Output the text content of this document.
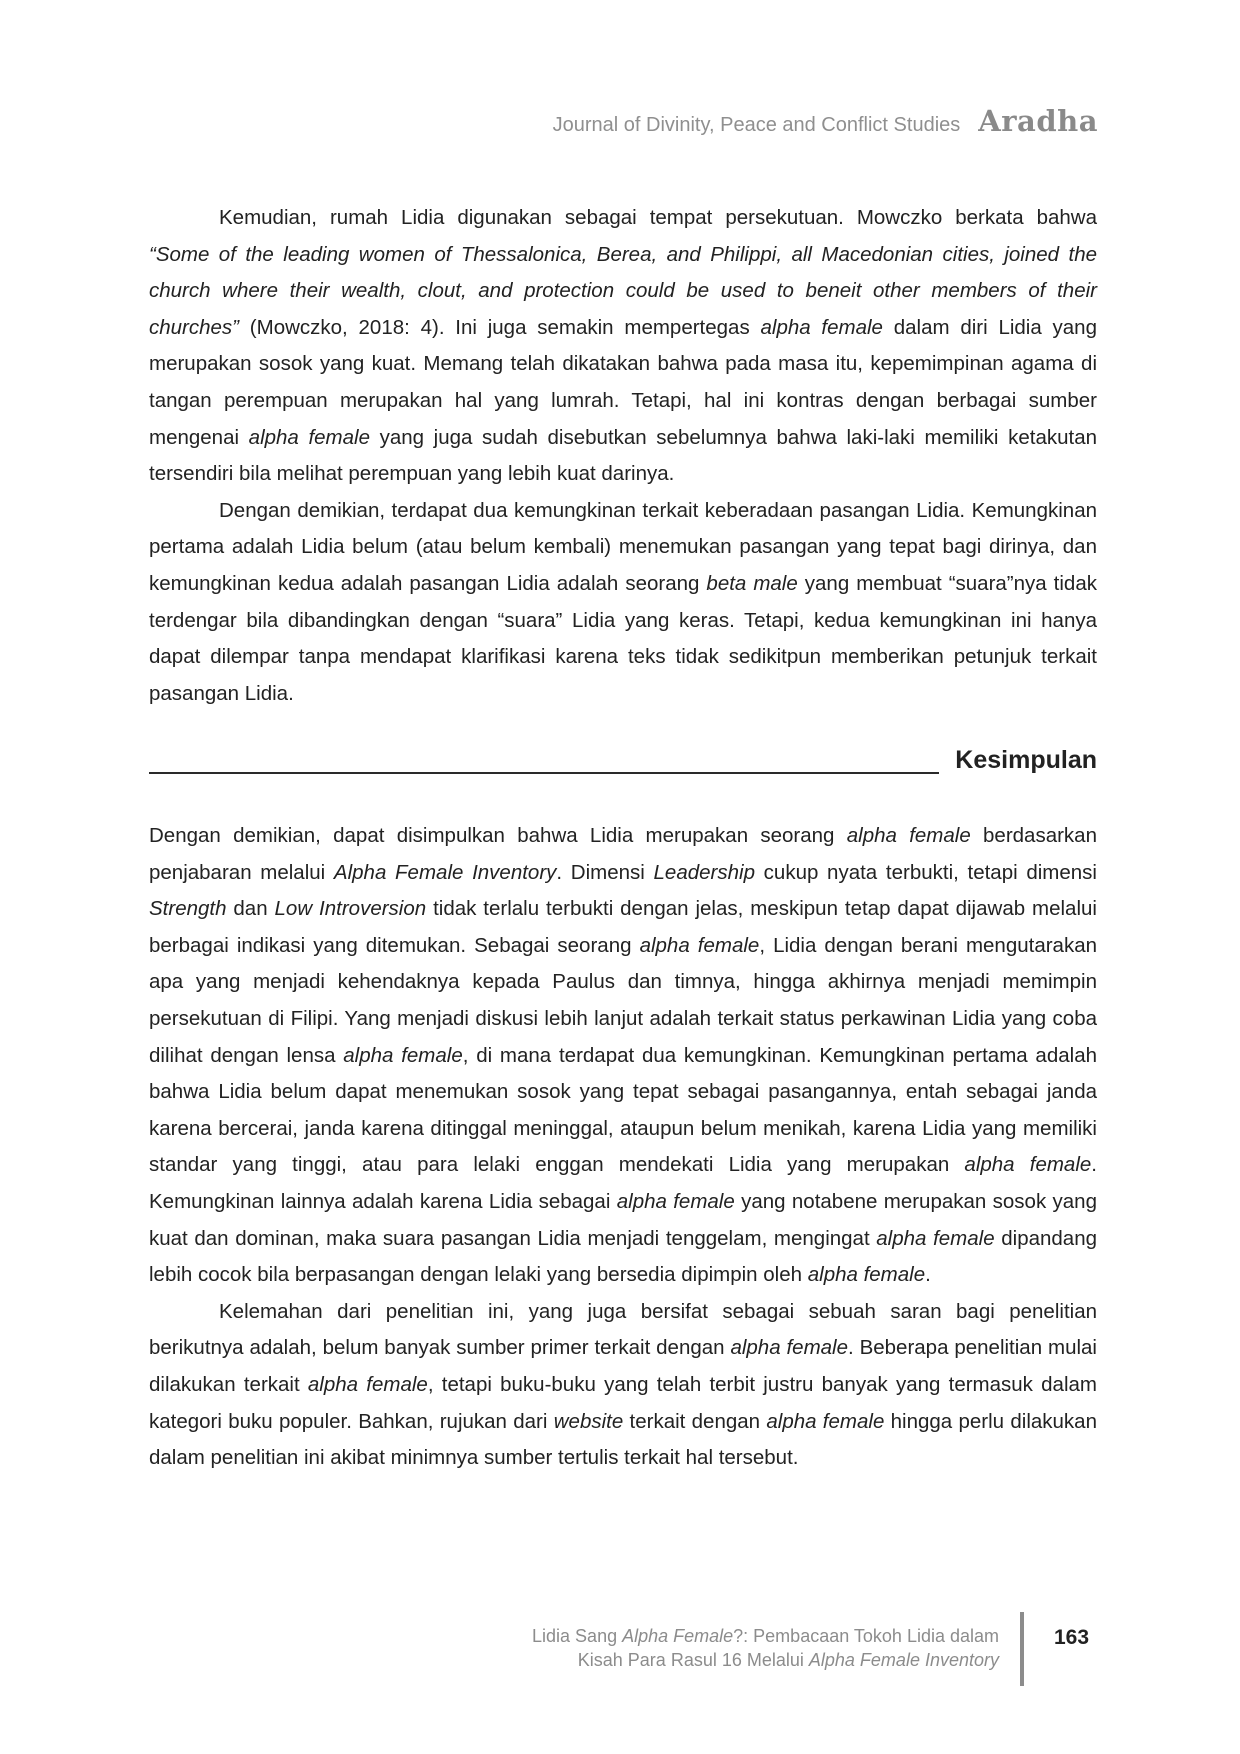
Journal of Divinity, Peace and Conflict Studies Aradha

Kemudian, rumah Lidia digunakan sebagai tempat persekutuan. Mowczko berkata bahwa “Some of the leading women of Thessalonica, Berea, and Philippi, all Macedonian cities, joined the church where their wealth, clout, and protection could be used to beneit other members of their churches” (Mowczko, 2018: 4). Ini juga semakin mempertegas alpha female dalam diri Lidia yang merupakan sosok yang kuat. Memang telah dikatakan bahwa pada masa itu, kepemimpinan agama di tangan perempuan merupakan hal yang lumrah. Tetapi, hal ini kontras dengan berbagai sumber mengenai alpha female yang juga sudah disebutkan sebelumnya bahwa laki-laki memiliki ketakutan tersendiri bila melihat perempuan yang lebih kuat darinya.

Dengan demikian, terdapat dua kemungkinan terkait keberadaan pasangan Lidia. Kemungkinan pertama adalah Lidia belum (atau belum kembali) menemukan pasangan yang tepat bagi dirinya, dan kemungkinan kedua adalah pasangan Lidia adalah seorang beta male yang membuat “suara”nya tidak terdengar bila dibandingkan dengan “suara” Lidia yang keras. Tetapi, kedua kemungkinan ini hanya dapat dilempar tanpa mendapat klarifikasi karena teks tidak sedikitpun memberikan petunjuk terkait pasangan Lidia.

Kesimpulan

Dengan demikian, dapat disimpulkan bahwa Lidia merupakan seorang alpha female berdasarkan penjabaran melalui Alpha Female Inventory. Dimensi Leadership cukup nyata terbukti, tetapi dimensi Strength dan Low Introversion tidak terlalu terbukti dengan jelas, meskipun tetap dapat dijawab melalui berbagai indikasi yang ditemukan. Sebagai seorang alpha female, Lidia dengan berani mengutarakan apa yang menjadi kehendaknya kepada Paulus dan timnya, hingga akhirnya menjadi memimpin persekutuan di Filipi. Yang menjadi diskusi lebih lanjut adalah terkait status perkawinan Lidia yang coba dilihat dengan lensa alpha female, di mana terdapat dua kemungkinan. Kemungkinan pertama adalah bahwa Lidia belum dapat menemukan sosok yang tepat sebagai pasangannya, entah sebagai janda karena bercerai, janda karena ditinggal meninggal, ataupun belum menikah, karena Lidia yang memiliki standar yang tinggi, atau para lelaki enggan mendekati Lidia yang merupakan alpha female. Kemungkinan lainnya adalah karena Lidia sebagai alpha female yang notabene merupakan sosok yang kuat dan dominan, maka suara pasangan Lidia menjadi tenggelam, mengingat alpha female dipandang lebih cocok bila berpasangan dengan lelaki yang bersedia dipimpin oleh alpha female.

Kelemahan dari penelitian ini, yang juga bersifat sebagai sebuah saran bagi penelitian berikutnya adalah, belum banyak sumber primer terkait dengan alpha female. Beberapa penelitian mulai dilakukan terkait alpha female, tetapi buku-buku yang telah terbit justru banyak yang termasuk dalam kategori buku populer. Bahkan, rujukan dari website terkait dengan alpha female hingga perlu dilakukan dalam penelitian ini akibat minimnya sumber tertulis terkait hal tersebut.

Lidia Sang Alpha Female?: Pembacaan Tokoh Lidia dalam
Kisah Para Rasul 16 Melalui Alpha Female Inventory
163
